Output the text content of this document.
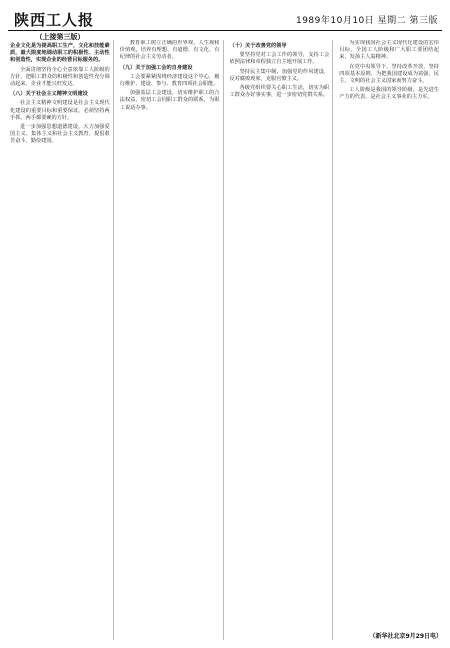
陕西工人报	1989年10月10日 星期二 第三版
（上接第三版）

企业文化是为提高职工生产，文化和技能素质，最大限度地调动职工的积极性、主动性和创造性，实现企业的经营目标服务的。

全面贯彻坚持全心全意依靠工人阶级的方针，把职工群众的积极性和创造性充分调动起来，企业才能兴旺发达。

（八）关于社会主义精神文明建设

社会主义精神文明建设是社会主义现代化建设的重要目标和重要保证。必须坚持两手抓、两手都要硬的方针。

进一步加强思想道德建设，大力加强爱国主义、集体主义和社会主义教育，提倡艰苦奋斗、勤俭建国。

教育职工树立正确的世界观、人生观和价值观，培养有理想、有道德、有文化、有纪律的社会主义劳动者。

（九）关于加强工会的自身建设

工会要紧紧围绕经济建设这个中心，履行维护、建设、参与、教育四项社会职能。

加强基层工会建设，切实维护职工的合法权益，密切工会同职工群众的联系，为职工说话办事。

（十）关于改善党的领导

要坚持党对工会工作的领导，支持工会依照法律和章程独立自主地开展工作。

坚持民主集中制，加强党的作风建设，反对腐败现象，克服官僚主义。

各级党组织要关心职工生活，切实为职工群众办好事实事，进一步密切党群关系。

为实现我国社会主义现代化建设的宏伟目标，全国工人阶级和广大职工要团结起来，发扬主人翁精神。

在党中央领导下，坚持改革开放，坚持四项基本原则，为把我国建设成为富强、民主、文明的社会主义国家而努力奋斗。

工人阶级是我国的领导阶级，是先进生产力的代表，是社会主义事业的主力军。

（新华社北京9月29日电）
